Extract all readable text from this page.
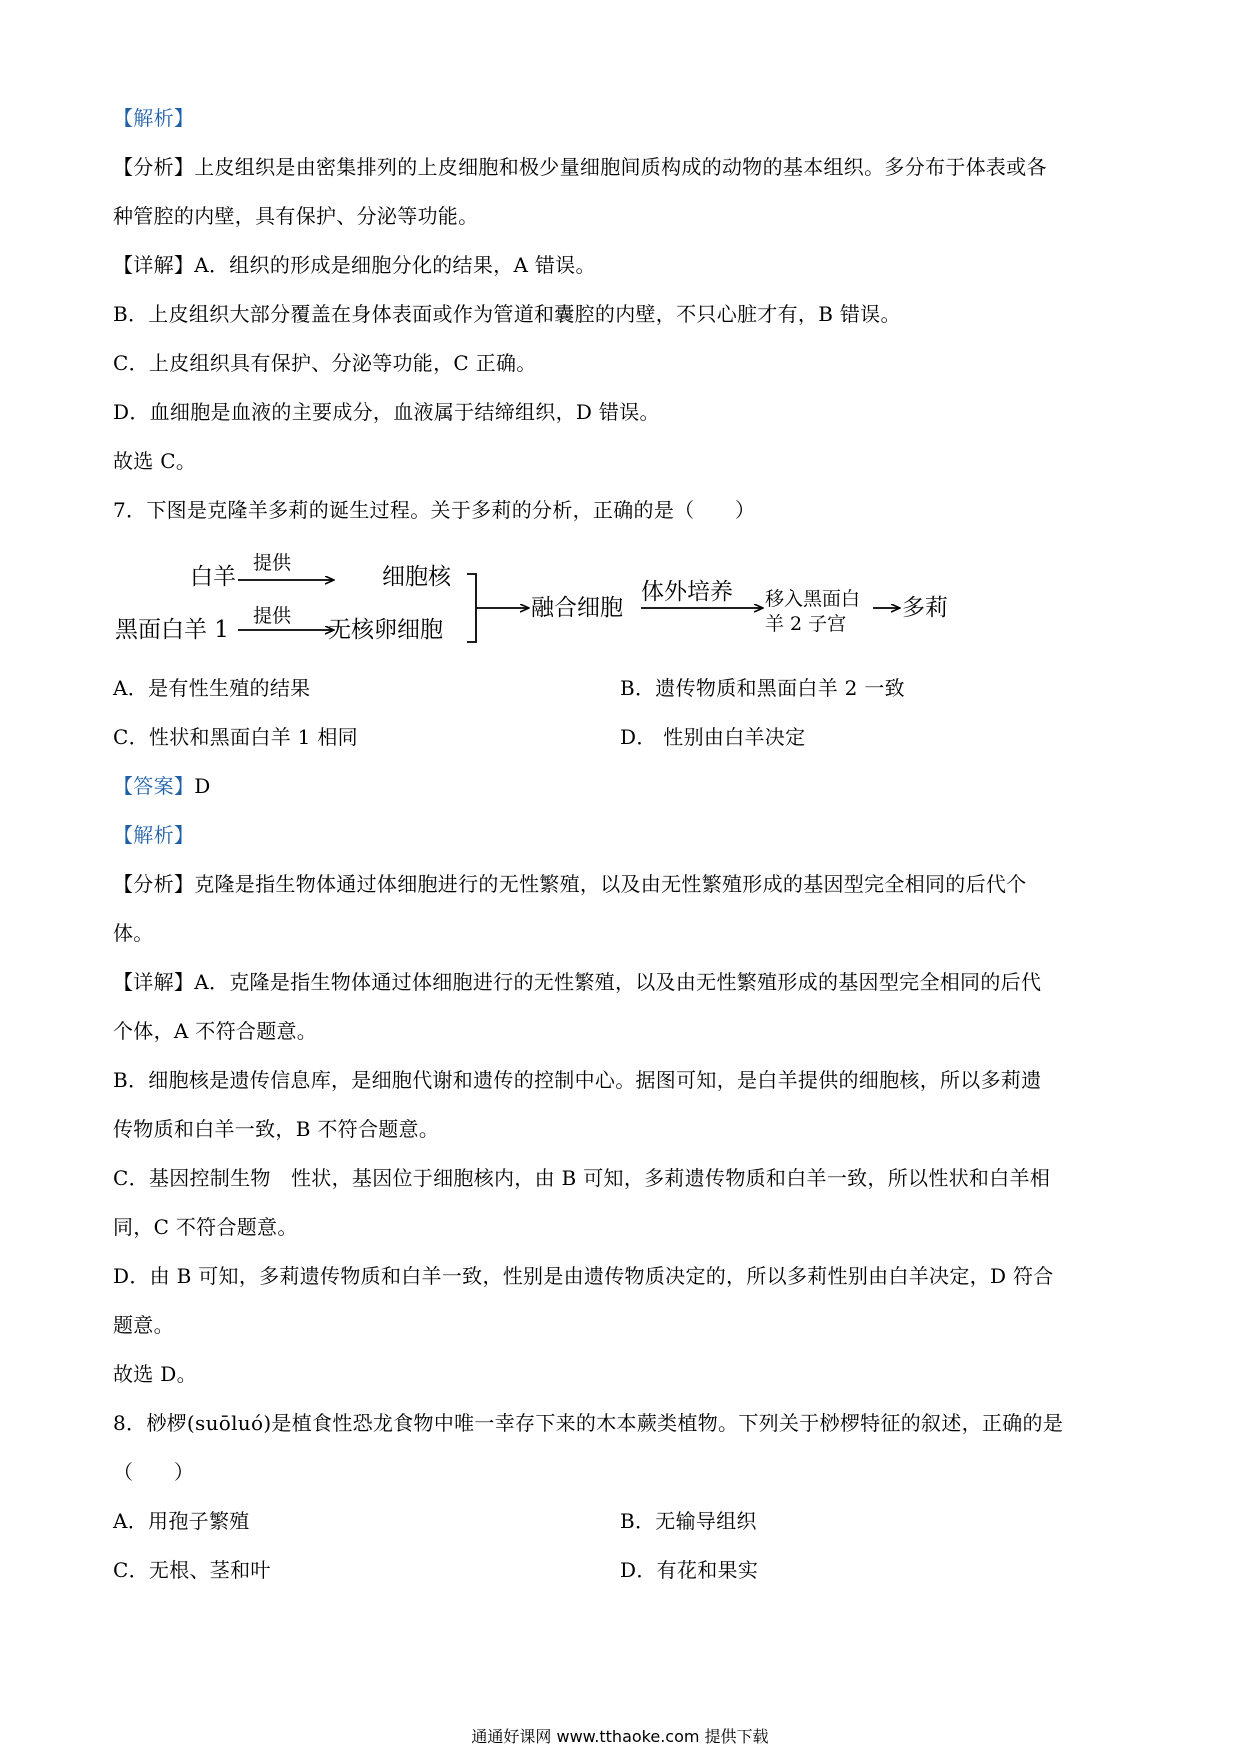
【解析】
【分析】上皮组织是由密集排列的上皮细胞和极少量细胞间质构成的动物的基本组织。多分布于体表或各
种管腔的内壁，具有保护、分泌等功能。
【详解】A．组织的形成是细胞分化的结果，A 错误。
B．上皮组织大部分覆盖在身体表面或作为管道和囊腔的内壁，不只心脏才有，B 错误。
C．上皮组织具有保护、分泌等功能，C 正确。
D．血细胞是血液的主要成分，血液属于结缔组织，D 错误。
故选 C。
7．下图是克隆羊多莉的诞生过程。关于多莉的分析，正确的是（　　）
白羊
提供
细胞核
黑面白羊 1
提供
无核卵细胞
融合细胞
体外培养 移入黑面白
羊 2 子宫
多莉
A．是有性生殖的结果	B．遗传物质和黑面白羊 2 一致
C．性状和黑面白羊 1 相同	D． 性别由白羊决定
【答案】D
【解析】
【分析】克隆是指生物体通过体细胞进行的无性繁殖，以及由无性繁殖形成的基因型完全相同的后代个
体。
【详解】A．克隆是指生物体通过体细胞进行的无性繁殖，以及由无性繁殖形成的基因型完全相同的后代
个体，A 不符合题意。
B．细胞核是遗传信息库，是细胞代谢和遗传的控制中心。据图可知，是白羊提供的细胞核，所以多莉遗
传物质和白羊一致，B 不符合题意。
C．基因控制生物　性状，基因位于细胞核内，由 B 可知，多莉遗传物质和白羊一致，所以性状和白羊相
同，C 不符合题意。
D．由 B 可知，多莉遗传物质和白羊一致，性别是由遗传物质决定的，所以多莉性别由白羊决定，D 符合
题意。
故选 D。
8．桫椤(suōluó)是植食性恐龙食物中唯一幸存下来的木本蕨类植物。下列关于桫椤特征的叙述，正确的是
（　　）
A．用孢子繁殖	B．无输导组织
C．无根、茎和叶	D．有花和果实
通通好课网 www.tthaoke.com 提供下载
